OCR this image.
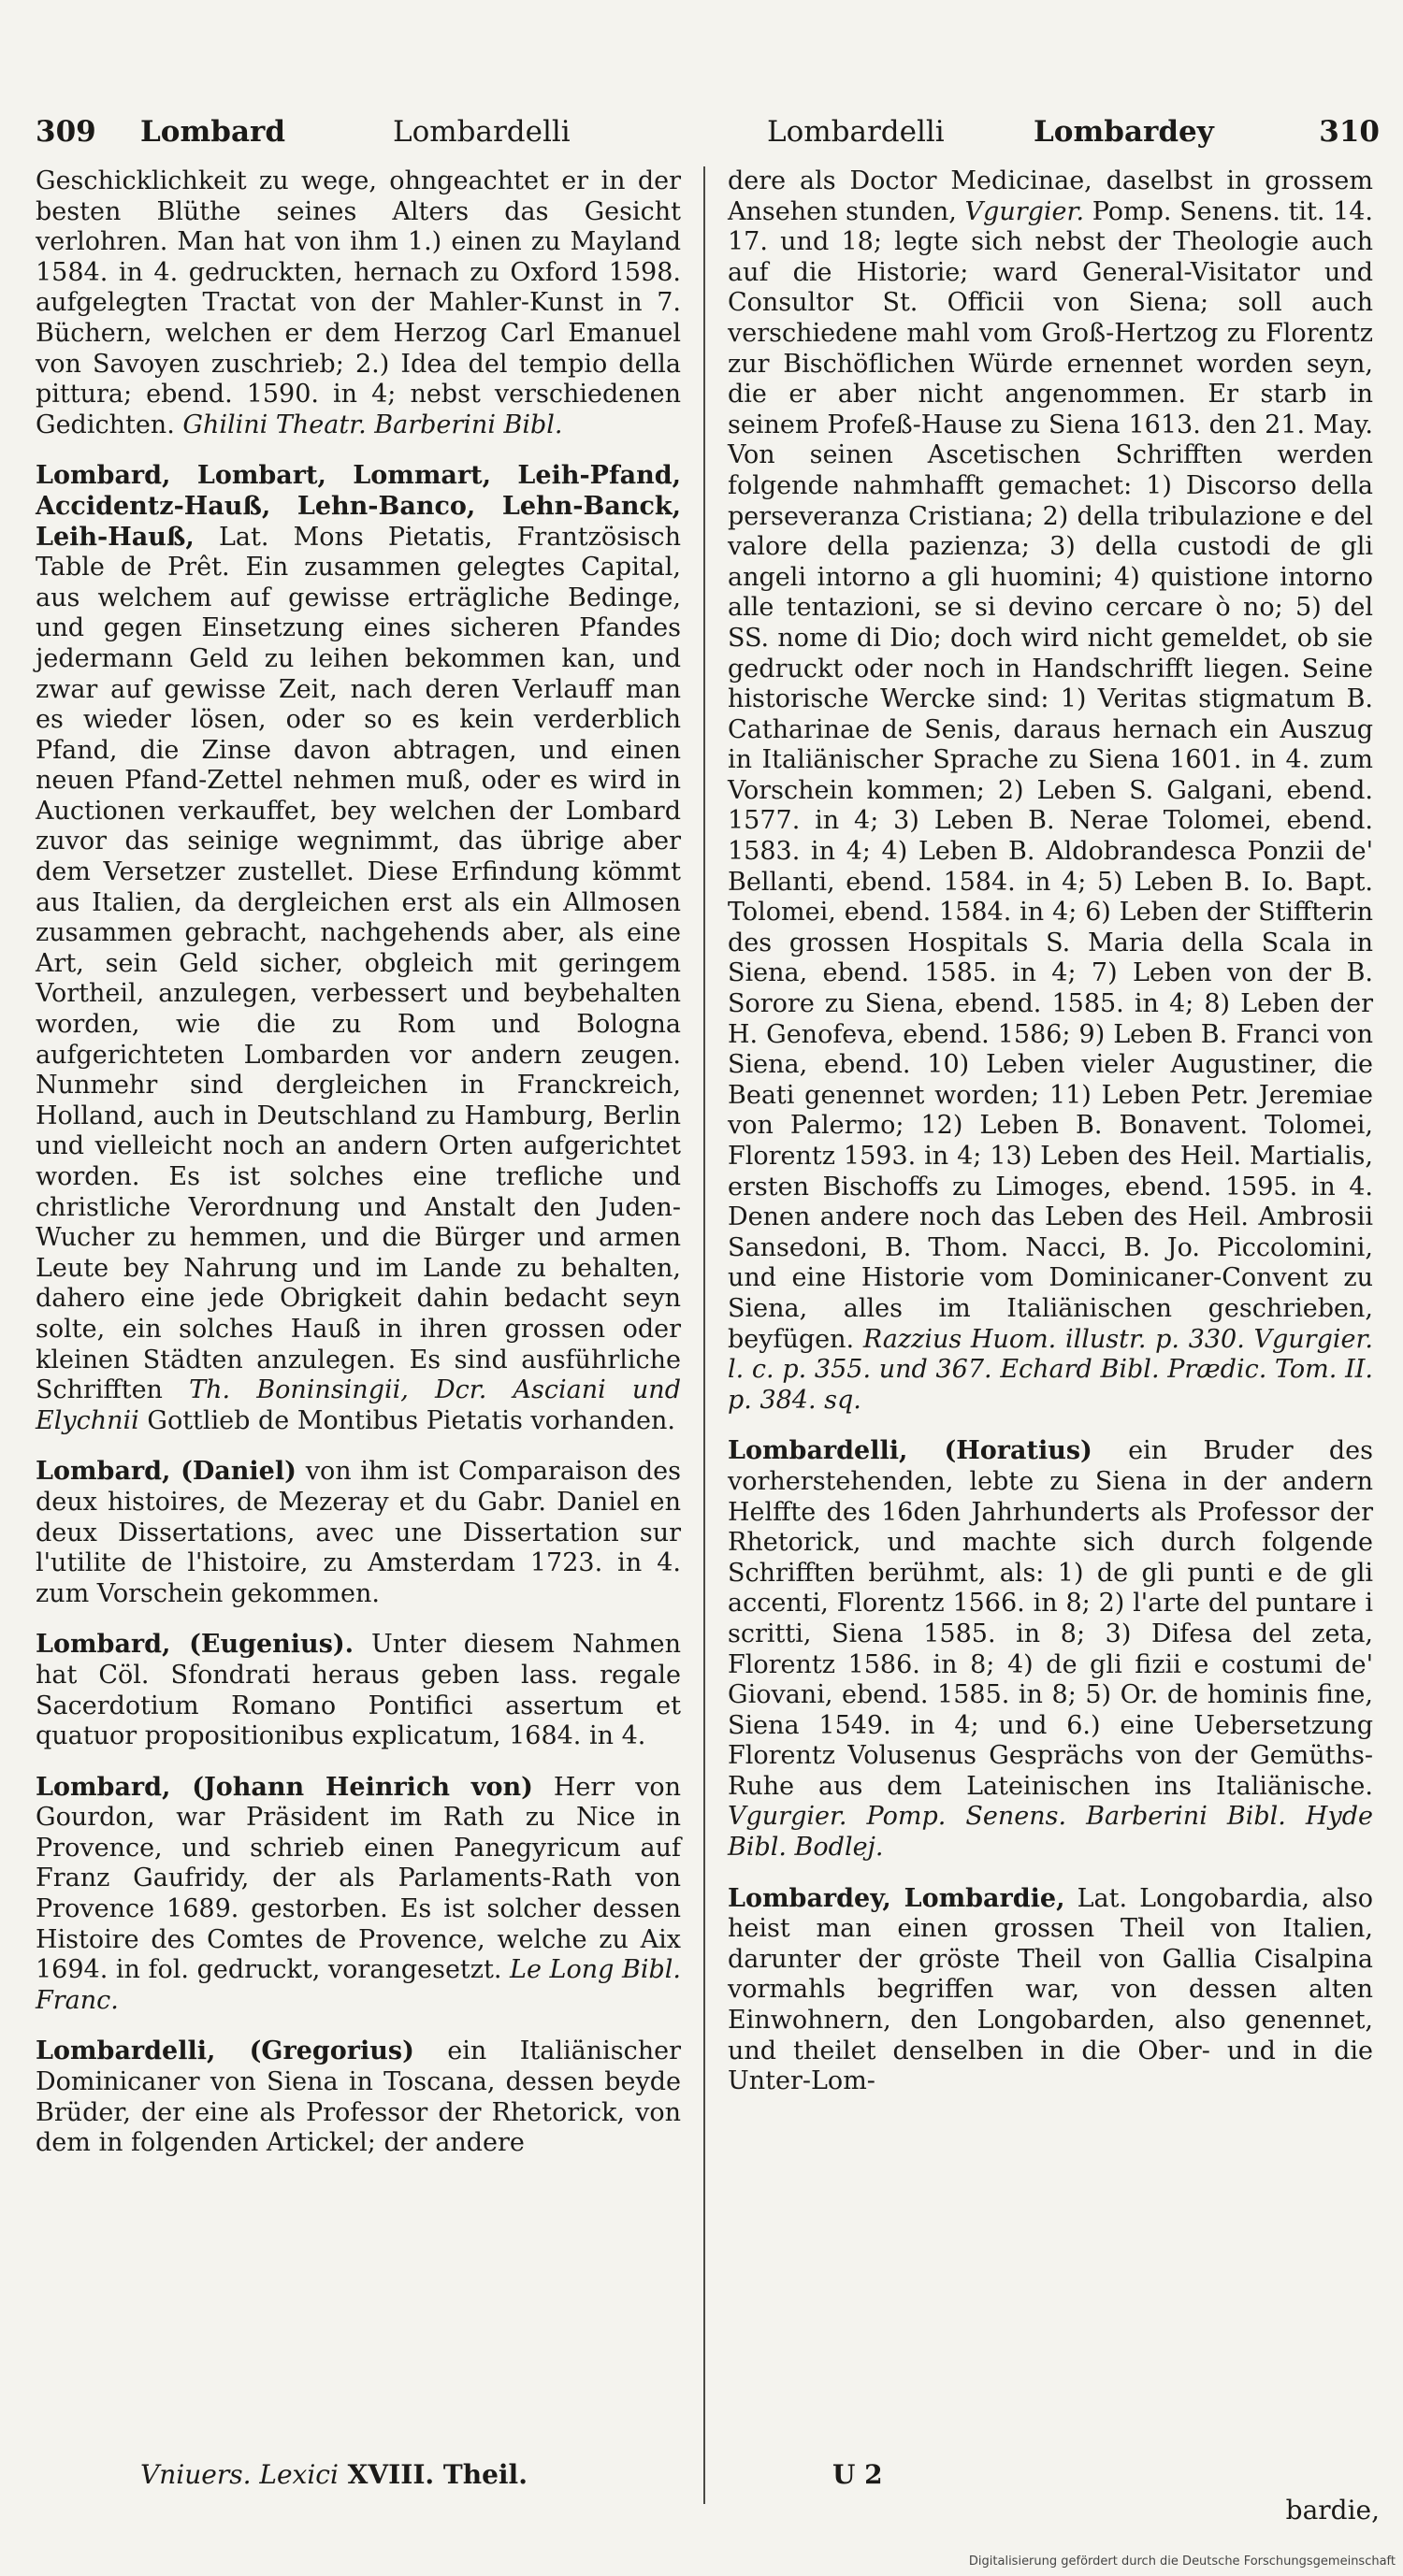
309 Lombard	Lombardelli	Lombardelli	Lombardey	310

Geschicklichkeit zu wege, ohngeachtet er in der besten Blüthe seines Alters das Gesicht verlohren. Man hat von ihm 1.) einen zu Mayland 1584. in 4. gedruckten, hernach zu Oxford 1598. aufgelegten Tractat von der Mahler-Kunst in 7. Büchern, welchen er dem Herzog Carl Emanuel von Savoyen zuschrieb; 2.) Idea del tempio della pittura; ebend. 1590. in 4; nebst verschiedenen Gedichten. Ghilini Theatr. Barberini Bibl.

Lombard, Lombart, Lommart, Leih-Pfand, Accidentz-Hauß, Lehn-Banco, Lehn-Banck, Leih-Hauß, Lat. Mons Pietatis, Frantzösisch Table de Prêt. Ein zusammen gelegtes Capital, aus welchem auf gewisse erträgliche Bedinge, und gegen Einsetzung eines sicheren Pfandes jedermann Geld zu leihen bekommen kan, und zwar auf gewisse Zeit, nach deren Verlauff man es wieder lösen, oder so es kein verderblich Pfand, die Zinse davon abtragen, und einen neuen Pfand-Zettel nehmen muß, oder es wird in Auctionen verkauffet, bey welchen der Lombard zuvor das seinige wegnimmt, das übrige aber dem Versetzer zustellet. Diese Erfindung kömmt aus Italien, da dergleichen erst als ein Allmosen zusammen gebracht, nachgehends aber, als eine Art, sein Geld sicher, obgleich mit geringem Vortheil, anzulegen, verbessert und beybehalten worden, wie die zu Rom und Bologna aufgerichteten Lombarden vor andern zeugen. Nunmehr sind dergleichen in Franckreich, Holland, auch in Deutschland zu Hamburg, Berlin und vielleicht noch an andern Orten aufgerichtet worden. Es ist solches eine trefliche und christliche Verordnung und Anstalt den Juden-Wucher zu hemmen, und die Bürger und armen Leute bey Nahrung und im Lande zu behalten, dahero eine jede Obrigkeit dahin bedacht seyn solte, ein solches Hauß in ihren grossen oder kleinen Städten anzulegen. Es sind ausführliche Schrifften Th. Boninsingii, Dcr. Asciani und Elychnii Gottlieb de Montibus Pietatis vorhanden.

Lombard, (Daniel) von ihm ist Comparaison des deux histoires, de Mezeray et du Gabr. Daniel en deux Dissertations, avec une Dissertation sur l'utilite de l'histoire, zu Amsterdam 1723. in 4. zum Vorschein gekommen.

Lombard, (Eugenius). Unter diesem Nahmen hat Cöl. Sfondrati heraus geben lass. regale Sacerdotium Romano Pontifici assertum et quatuor propositionibus explicatum, 1684. in 4.

Lombard, (Johann Heinrich von) Herr von Gourdon, war Präsident im Rath zu Nice in Provence, und schrieb einen Panegyricum auf Franz Gaufridy, der als Parlaments-Rath von Provence 1689. gestorben. Es ist solcher dessen Histoire des Comtes de Provence, welche zu Aix 1694. in fol. gedruckt, vorangesetzt. Le Long Bibl. Franc.

Lombardelli, (Gregorius) ein Italiänischer Dominicaner von Siena in Toscana, dessen beyde Brüder, der eine als Professor der Rhetorick, von dem in folgenden Artickel; der andere

dere als Doctor Medicinae, daselbst in grossem Ansehen stunden, Vgurgier. Pomp. Senens. tit. 14. 17. und 18; legte sich nebst der Theologie auch auf die Historie; ward General-Visitator und Consultor St. Officii von Siena; soll auch verschiedene mahl vom Groß-Hertzog zu Florentz zur Bischöflichen Würde ernennet worden seyn, die er aber nicht angenommen. Er starb in seinem Profeß-Hause zu Siena 1613. den 21. May. Von seinen Ascetischen Schrifften werden folgende nahmhafft gemachet: 1) Discorso della perseveranza Cristiana; 2) della tribulazione e del valore della pazienza; 3) della custodi de gli angeli intorno a gli huomini; 4) quistione intorno alle tentazioni, se si devino cercare ò no; 5) del SS. nome di Dio; doch wird nicht gemeldet, ob sie gedruckt oder noch in Handschrifft liegen. Seine historische Wercke sind: 1) Veritas stigmatum B. Catharinae de Senis, daraus hernach ein Auszug in Italiänischer Sprache zu Siena 1601. in 4. zum Vorschein kommen; 2) Leben S. Galgani, ebend. 1577. in 4; 3) Leben B. Nerae Tolomei, ebend. 1583. in 4; 4) Leben B. Aldobrandesca Ponzii de' Bellanti, ebend. 1584. in 4; 5) Leben B. Io. Bapt. Tolomei, ebend. 1584. in 4; 6) Leben der Stiffterin des grossen Hospitals S. Maria della Scala in Siena, ebend. 1585. in 4; 7) Leben von der B. Sorore zu Siena, ebend. 1585. in 4; 8) Leben der H. Genofeva, ebend. 1586; 9) Leben B. Franci von Siena, ebend. 10) Leben vieler Augustiner, die Beati genennet worden; 11) Leben Petr. Jeremiae von Palermo; 12) Leben B. Bonavent. Tolomei, Florentz 1593. in 4; 13) Leben des Heil. Martialis, ersten Bischoffs zu Limoges, ebend. 1595. in 4. Denen andere noch das Leben des Heil. Ambrosii Sansedoni, B. Thom. Nacci, B. Jo. Piccolomini, und eine Historie vom Dominicaner-Convent zu Siena, alles im Italiänischen geschrieben, beyfügen. Razzius Huom. illustr. p. 330. Vgurgier. l. c. p. 355. und 367. Echard Bibl. Prædic. Tom. II. p. 384. sq.

Lombardelli, (Horatius) ein Bruder des vorherstehenden, lebte zu Siena in der andern Helffte des 16den Jahrhunderts als Professor der Rhetorick, und machte sich durch folgende Schrifften berühmt, als: 1) de gli punti e de gli accenti, Florentz 1566. in 8; 2) l'arte del puntare i scritti, Siena 1585. in 8; 3) Difesa del zeta, Florentz 1586. in 8; 4) de gli fizii e costumi de' Giovani, ebend. 1585. in 8; 5) Or. de hominis fine, Siena 1549. in 4; und 6.) eine Uebersetzung Florentz Volusenus Gesprächs von der Gemüths-Ruhe aus dem Lateinischen ins Italiänische. Vgurgier. Pomp. Senens. Barberini Bibl. Hyde Bibl. Bodlej.

Lombardey, Lombardie, Lat. Longobardia, also heist man einen grossen Theil von Italien, darunter der gröste Theil von Gallia Cisalpina vormahls begriffen war, von dessen alten Einwohnern, den Longobarden, also genennet, und theilet denselben in die Ober- und in die Unter-Lom-

Vniuers. Lexici XVIII. Theil.	U 2
bardie,
Digitalisierung gefördert durch die Deutsche Forschungsgemeinschaft
